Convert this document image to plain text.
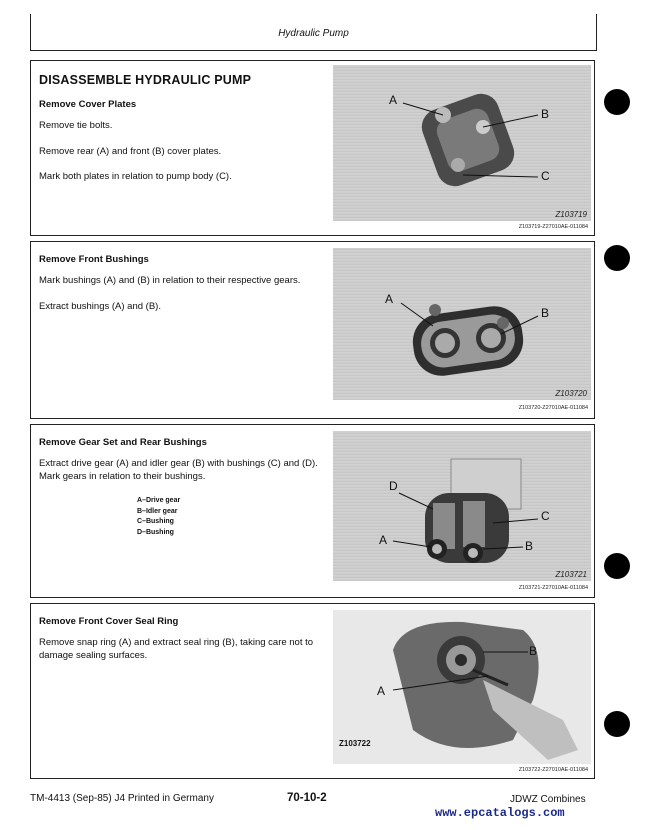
Hydraulic Pump
DISASSEMBLE HYDRAULIC PUMP
Remove Cover Plates

Remove tie bolts.

Remove rear (A) and front (B) cover plates.

Mark both plates in relation to pump body (C).

A
B
C
Z103719
Z103719-Z27010AE-011084
Remove Front Bushings

Mark bushings (A) and (B) in relation to their respective gears.

Extract bushings (A) and (B).	A
B
Z103720
Z103720-Z27010AE-011084
Remove Gear Set and Rear Bushings

Extract drive gear (A) and idler gear (B) with bushings (C) and (D). Mark gears in relation to their bushings.

A–Drive gear
B–Idler gear
C–Bushing
D–Bushing
D
C
A	B
Z103721
Z103721-Z27010AE-011084
Remove Front Cover Seal Ring

Remove snap ring (A) and extract seal ring (B), taking care not to damage sealing surfaces.	B
A
Z103722
Z103722-Z27010AE-011084
TM-4413 (Sep-85) J4 Printed in Germany	70-10-2	JDWZ Combines
www.epcatalogs.com
